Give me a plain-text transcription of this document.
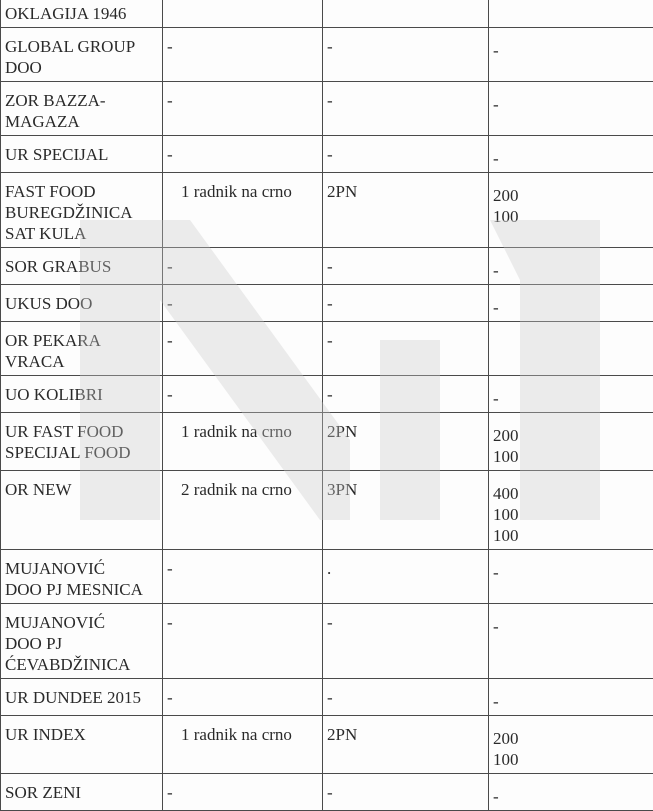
OKLAGIJA 1946			

GLOBAL GROUP
DOO	-	-	-

ZOR BAZZA-
MAGAZA	-	-	-

UR SPECIJAL	-	-	-

FAST FOOD
BUREGDŽINICA
SAT KULA	1 radnik na crno	2PN	200
100

SOR GRABUS	-	-	-

UKUS DOO	-	-	-

OR PEKARA
VRACA	-	-	

UO KOLIBRI	-	-	-

UR FAST FOOD
SPECIJAL FOOD	1 radnik na crno	2PN	200
100

OR NEW	2 radnik na crno	3PN	400
100
100

MUJANOVIĆ
DOO PJ MESNICA	-	.	-

MUJANOVIĆ
DOO PJ
ĆEVABDŽINICA	-	-	-

UR DUNDEE 2015	-	-	-

UR INDEX	1 radnik na crno	2PN	200
100

SOR ZENI	-	-	-
